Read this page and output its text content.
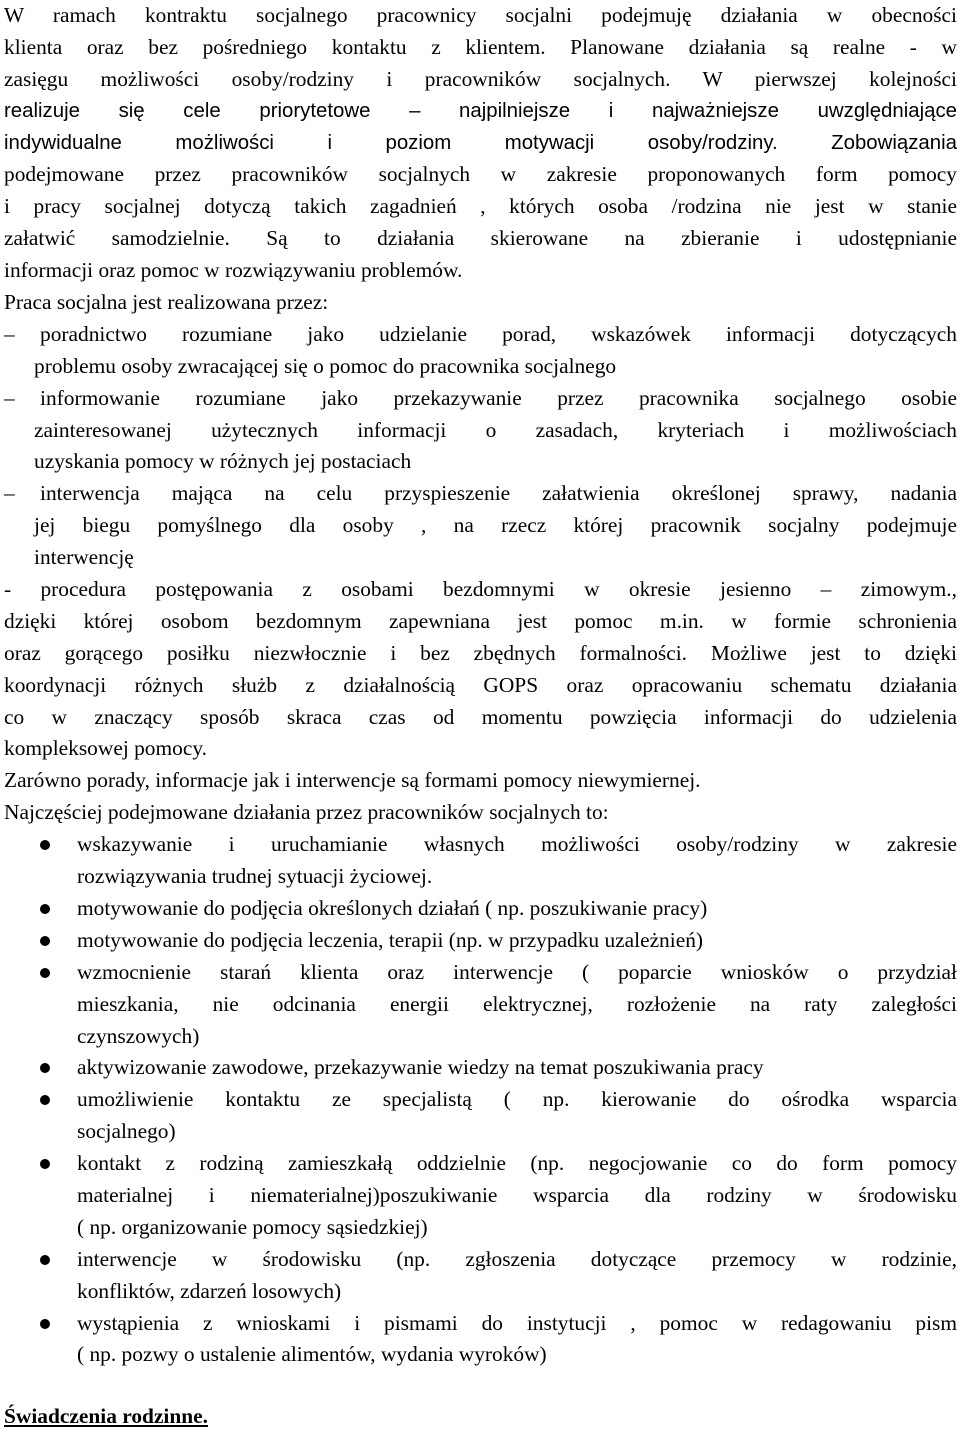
W ramach kontraktu socjalnego pracownicy socjalni podejmuję działania w obecności
klienta oraz bez pośredniego kontaktu z klientem. Planowane działania są realne - w
zasięgu możliwości osoby/rodziny i pracowników socjalnych. W pierwszej kolejności
realizuje się cele priorytetowe – najpilniejsze i najważniejsze uwzględniające
indywidualne możliwości i poziom motywacji osoby/rodziny. Zobowiązania
podejmowane przez pracowników socjalnych w zakresie proponowanych form pomocy
i pracy socjalnej dotyczą takich zagadnień , których osoba /rodzina nie jest w stanie
załatwić samodzielnie. Są to działania skierowane na zbieranie i udostępnianie
informacji oraz pomoc w rozwiązywaniu problemów.
Praca socjalna jest realizowana przez:
–	poradnictwo rozumiane jako udzielanie porad, wskazówek informacji dotyczących
problemu osoby zwracającej się o pomoc do pracownika socjalnego
–	informowanie rozumiane jako przekazywanie przez pracownika socjalnego osobie
zainteresowanej użytecznych informacji o zasadach, kryteriach i możliwościach
uzyskania pomocy w różnych jej postaciach
–	interwencja mająca na celu przyspieszenie załatwienia określonej sprawy, nadania
jej biegu pomyślnego dla osoby , na rzecz której pracownik socjalny podejmuje
interwencję
- procedura postępowania z osobami bezdomnymi w okresie jesienno – zimowym.,
dzięki której osobom bezdomnym zapewniana jest pomoc m.in. w formie schronienia
oraz gorącego posiłku niezwłocznie i bez zbędnych formalności. Możliwe jest to dzięki
koordynacji różnych służb z działalnością GOPS oraz opracowaniu schematu działania
co w znaczący sposób skraca czas od momentu powzięcia informacji do udzielenia
kompleksowej pomocy.
Zarówno porady, informacje jak i interwencje są formami pomocy niewymiernej.
Najczęściej podejmowane działania przez pracowników socjalnych to:
wskazywanie i uruchamianie własnych możliwości osoby/rodziny w zakresie
rozwiązywania trudnej sytuacji życiowej.
motywowanie do podjęcia określonych działań ( np. poszukiwanie pracy)
motywowanie do podjęcia leczenia, terapii (np. w przypadku uzależnień)
wzmocnienie starań klienta oraz interwencje ( poparcie wniosków o przydział
mieszkania, nie odcinania energii elektrycznej, rozłożenie na raty zaległości
czynszowych)
aktywizowanie zawodowe, przekazywanie wiedzy na temat poszukiwania pracy
umożliwienie kontaktu ze specjalistą ( np. kierowanie do ośrodka wsparcia
socjalnego)
kontakt z rodziną zamieszkałą oddzielnie (np. negocjowanie co do form pomocy
materialnej i niematerialnej)poszukiwanie wsparcia dla rodziny w środowisku
( np. organizowanie pomocy sąsiedzkiej)
interwencje w środowisku (np. zgłoszenia dotyczące przemocy w rodzinie,
konfliktów, zdarzeń losowych)
wystąpienia z wnioskami i pismami do instytucji , pomoc w redagowaniu pism
( np. pozwy o ustalenie alimentów, wydania wyroków)
Świadczenia rodzinne.
